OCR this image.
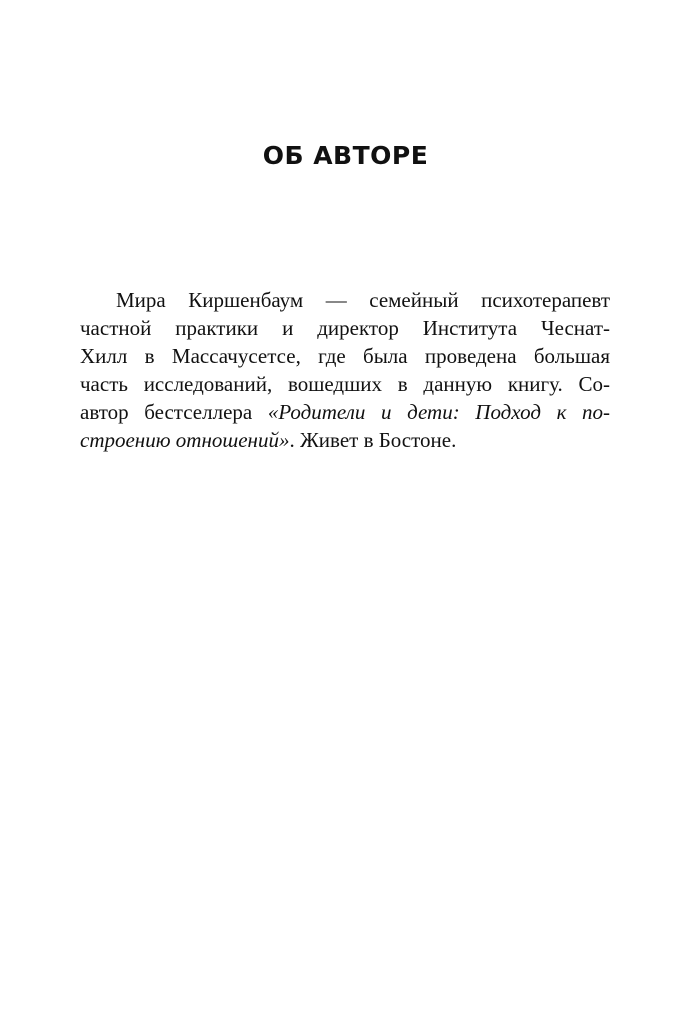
ОБ АВТОРЕ
Мира Киршенбаум — семейный психотерапевт
частной практики и директор Института Чеснат-
Хилл в Массачусетсе, где была проведена большая
часть исследований, вошедших в данную книгу. Со-
автор бестселлера «Родители и дети: Подход к по-
строению отношений». Живет в Бостоне.
